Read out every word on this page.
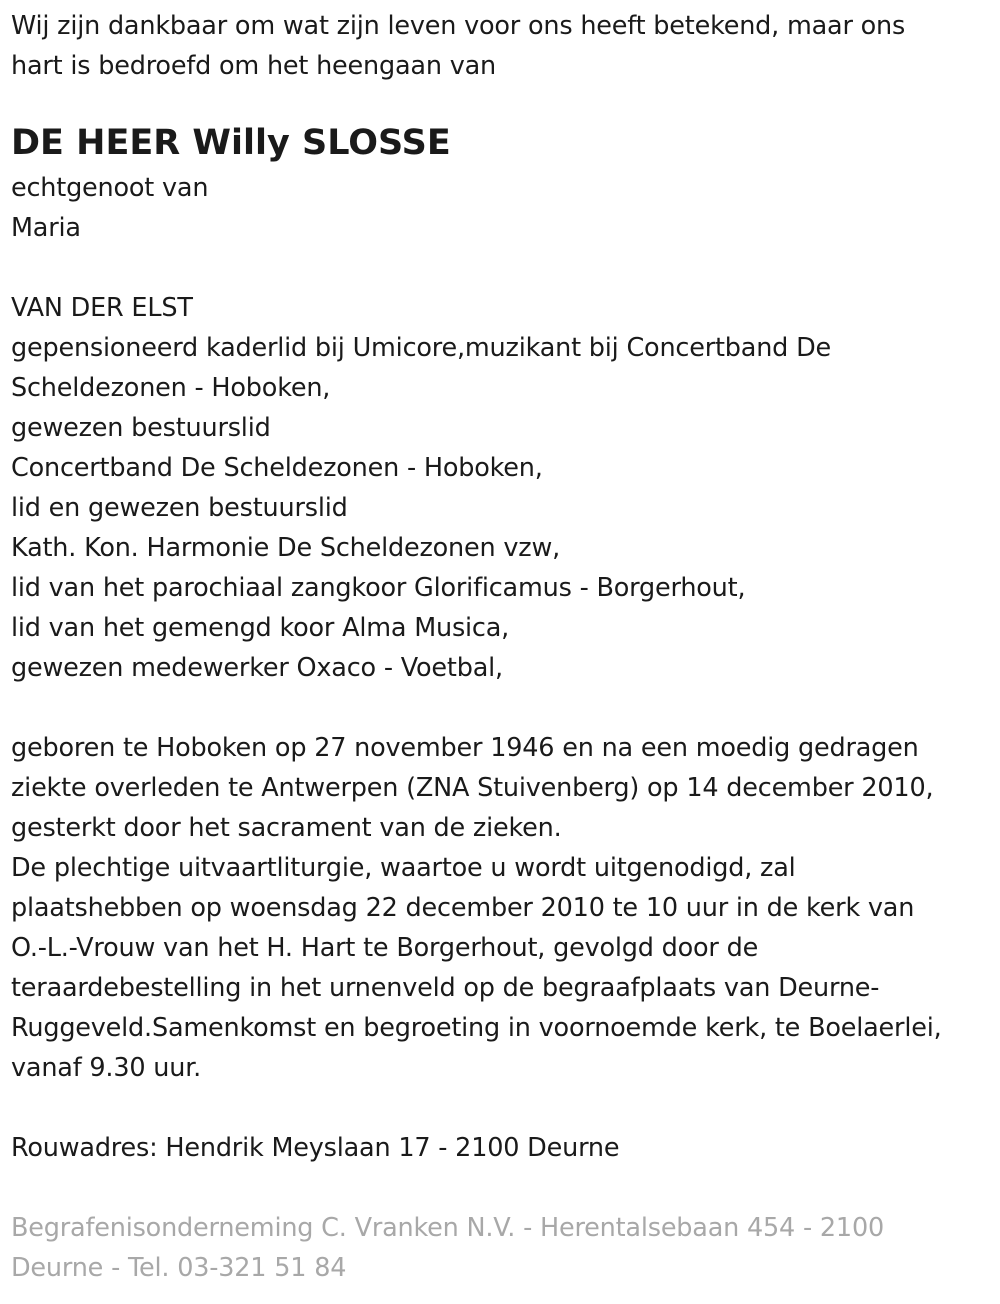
Wij zijn dankbaar om wat zijn leven voor ons heeft betekend, maar ons
hart is bedroefd om het heengaan van
DE HEER Willy SLOSSE
echtgenoot van
Maria
VAN DER ELST
gepensioneerd kaderlid bij Umicore,muzikant bij Concertband De
Scheldezonen - Hoboken,
gewezen bestuurslid
Concertband De Scheldezonen - Hoboken,
lid en gewezen bestuurslid
Kath. Kon. Harmonie De Scheldezonen vzw,
lid van het parochiaal zangkoor Glorificamus - Borgerhout,
lid van het gemengd koor Alma Musica,
gewezen medewerker Oxaco - Voetbal,
geboren te Hoboken op 27 november 1946 en na een moedig gedragen
ziekte overleden te Antwerpen (ZNA Stuivenberg) op 14 december 2010,
gesterkt door het sacrament van de zieken.
De plechtige uitvaartliturgie, waartoe u wordt uitgenodigd, zal
plaatshebben op woensdag 22 december 2010 te 10 uur in de kerk van
O.-L.-Vrouw van het H. Hart te Borgerhout, gevolgd door de
teraardebestelling in het urnenveld op de begraafplaats van Deurne-
Ruggeveld.Samenkomst en begroeting in voornoemde kerk, te Boelaerlei,
vanaf 9.30 uur.
Rouwadres: Hendrik Meyslaan 17 - 2100 Deurne
Begrafenisonderneming C. Vranken N.V. - Herentalsebaan 454 - 2100
Deurne - Tel. 03-321 51 84
